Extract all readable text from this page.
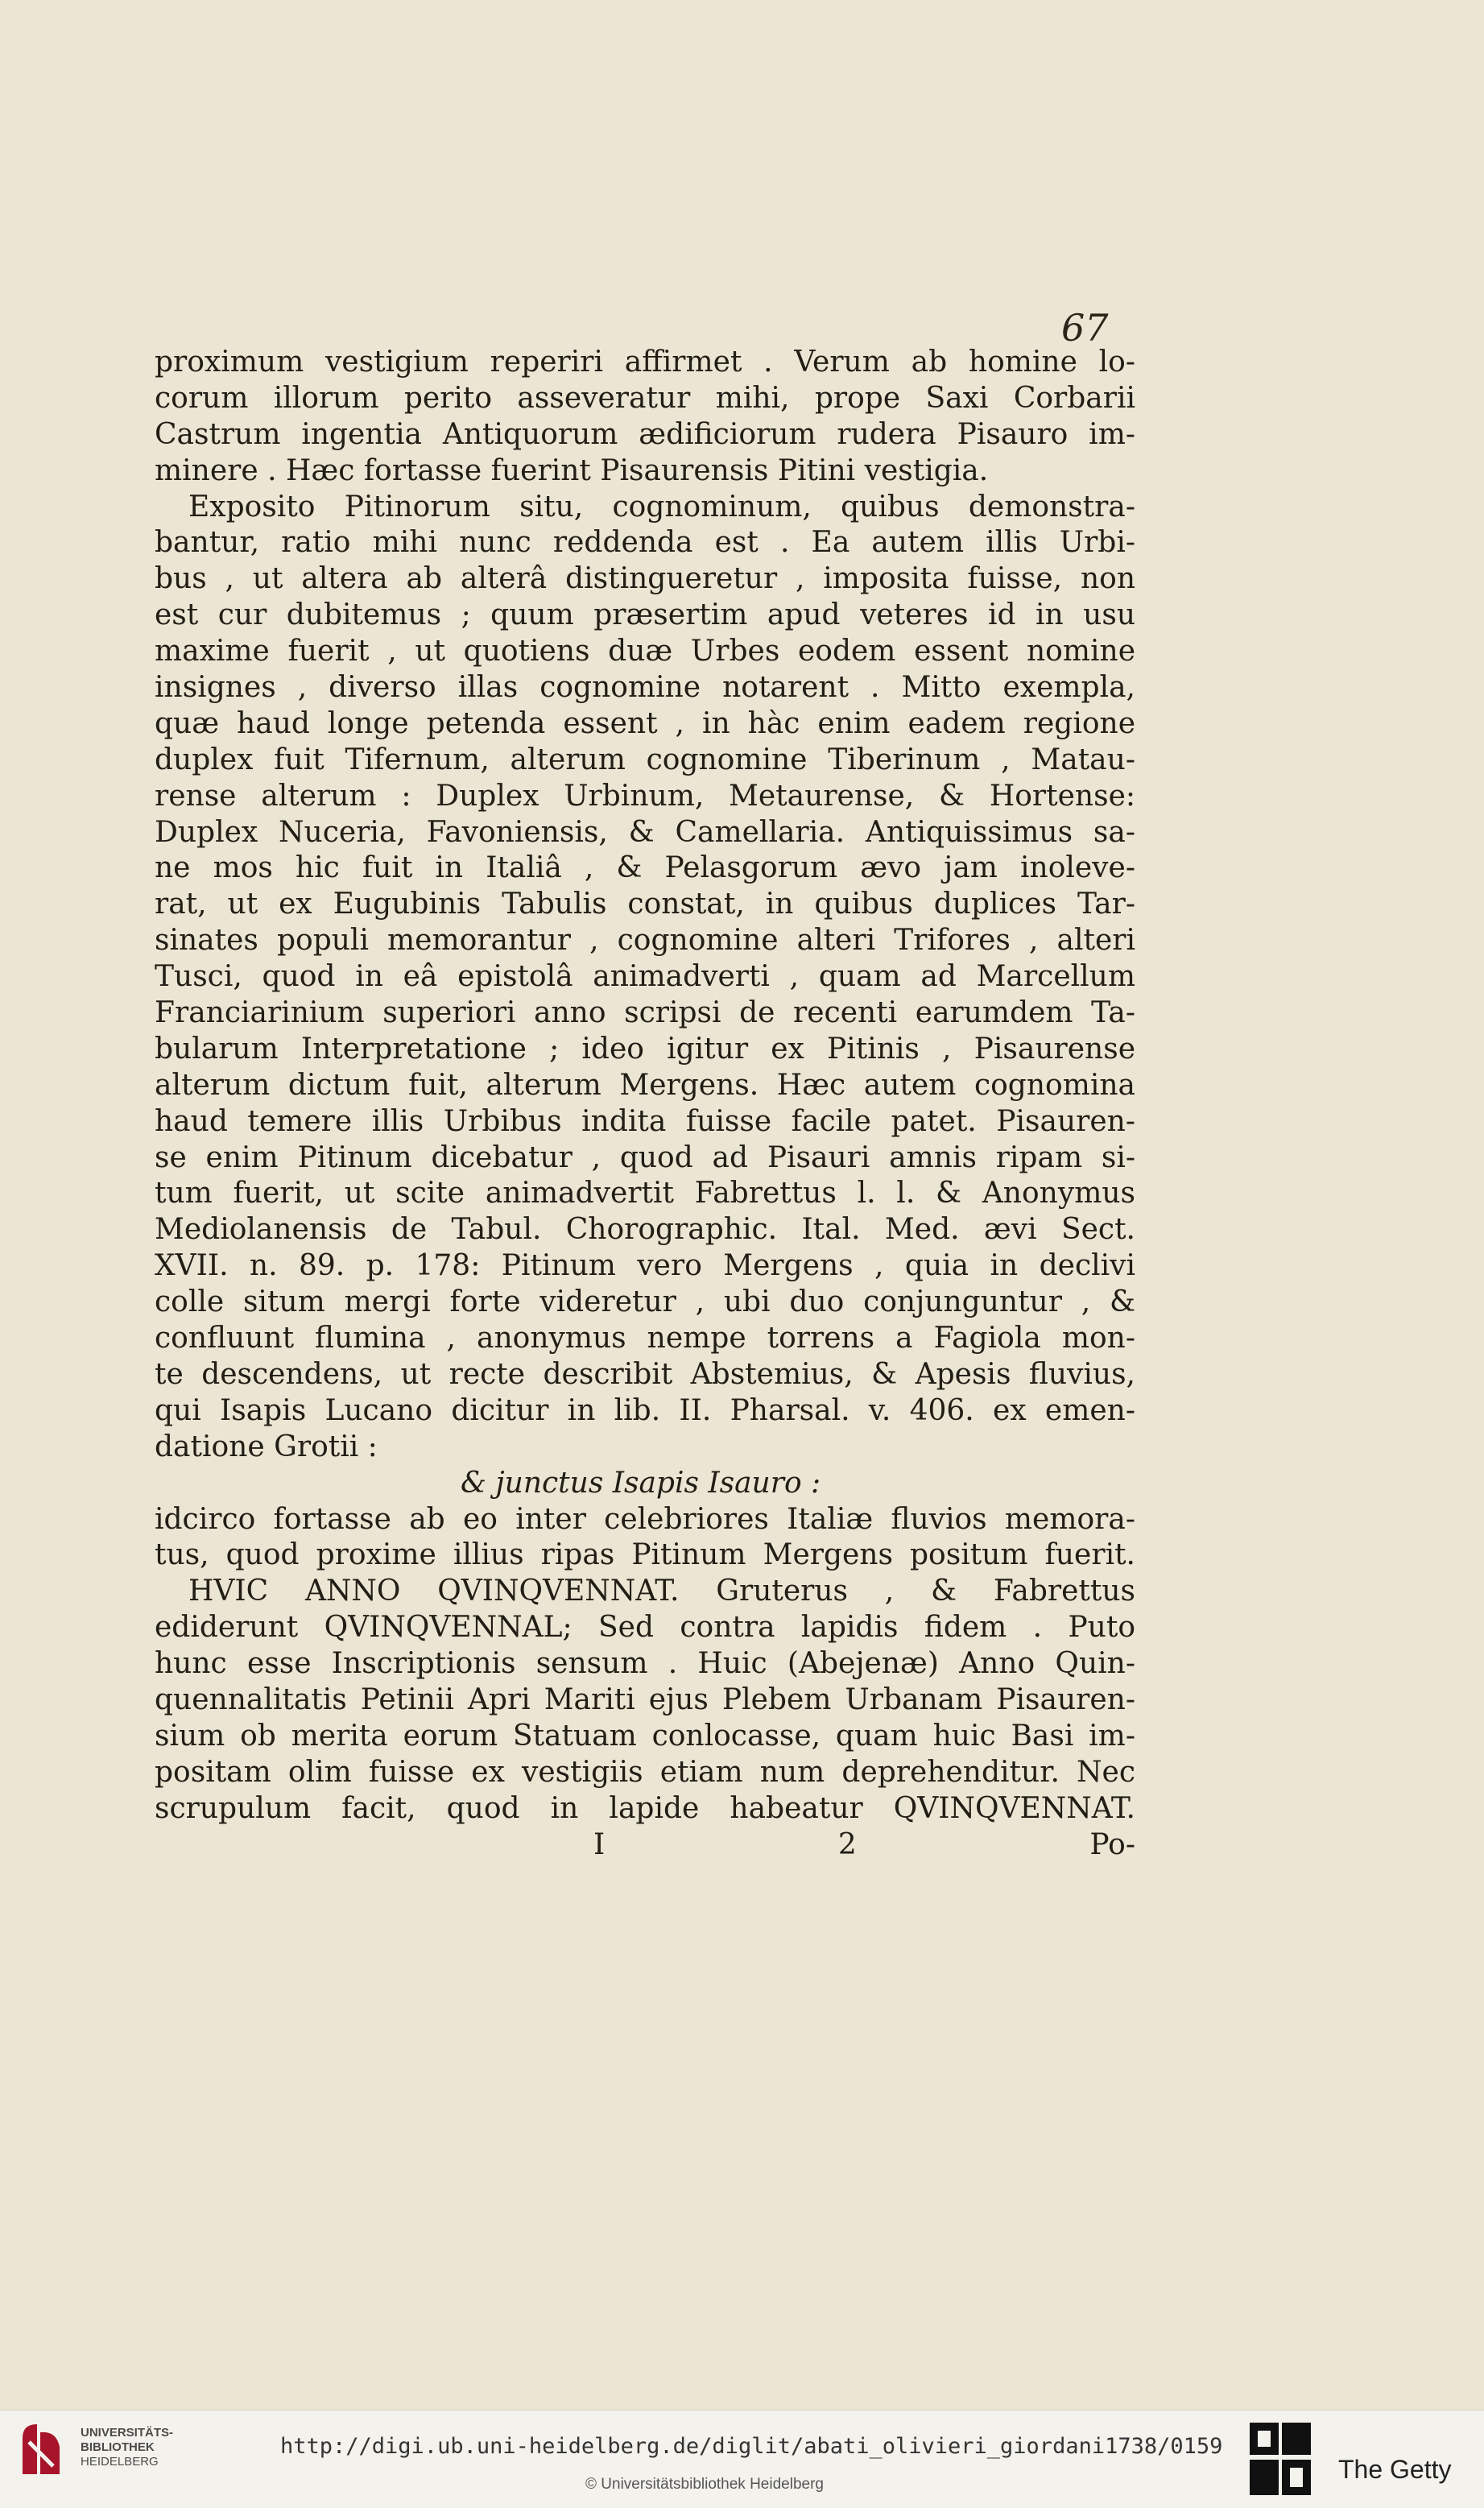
67
proximum vestigium reperiri affirmet . Verum ab homine lo-
corum illorum perito asseveratur mihi, prope Saxi Corbarii
Castrum ingentia Antiquorum ædificiorum rudera Pisauro im-
minere . Hæc fortasse fuerint Pisaurensis Pitini vestigia.
Exposito Pitinorum situ, cognominum, quibus demonstra-
bantur, ratio mihi nunc reddenda est . Ea autem illis Urbi-
bus , ut altera ab alterâ distingueretur , imposita fuisse, non
est cur dubitemus ; quum præsertim apud veteres id in usu
maxime fuerit , ut quotiens duæ Urbes eodem essent nomine
insignes , diverso illas cognomine notarent . Mitto exempla,
quæ haud longe petenda essent , in hàc enim eadem regione
duplex fuit Tifernum, alterum cognomine Tiberinum , Matau-
rense alterum : Duplex Urbinum, Metaurense, & Hortense:
Duplex Nuceria, Favoniensis, & Camellaria. Antiquissimus sa-
ne mos hic fuit in Italiâ , & Pelasgorum ævo jam inoleve-
rat, ut ex Eugubinis Tabulis constat, in quibus duplices Tar-
sinates populi memorantur , cognomine alteri Trifores , alteri
Tusci, quod in eâ epistolâ animadverti , quam ad Marcellum
Franciarinium superiori anno scripsi de recenti earumdem Ta-
bularum Interpretatione ; ideo igitur ex Pitinis , Pisaurense
alterum dictum fuit, alterum Mergens. Hæc autem cognomina
haud temere illis Urbibus indita fuisse facile patet. Pisauren-
se enim Pitinum dicebatur , quod ad Pisauri amnis ripam si-
tum fuerit, ut scite animadvertit Fabrettus l. l. & Anonymus
Mediolanensis de Tabul. Chorographic. Ital. Med. ævi Sect.
XVII. n. 89. p. 178: Pitinum vero Mergens , quia in declivi
colle situm mergi forte videretur , ubi duo conjunguntur , &
confluunt flumina , anonymus nempe torrens a Fagiola mon-
te descendens, ut recte describit Abstemius, & Apesis fluvius,
qui Isapis Lucano dicitur in lib. II. Pharsal. v. 406. ex emen-
datione Grotii :
& junctus Isapis Isauro :
idcirco fortasse ab eo inter celebriores Italiæ fluvios memora-
tus, quod proxime illius ripas Pitinum Mergens positum fuerit.
HVIC ANNO QVINQVENNAT. Gruterus , & Fabrettus
ediderunt QVINQVENNAL; Sed contra lapidis fidem . Puto
hunc esse Inscriptionis sensum . Huic (Abejenæ) Anno Quin-
quennalitatis Petinii Apri Mariti ejus Plebem Urbanam Pisauren-
sium ob merita eorum Statuam conlocasse, quam huic Basi im-
positam olim fuisse ex vestigiis etiam num deprehenditur. Nec
scrupulum facit, quod in lapide habeatur QVINQVENNAT.
I 2 Po-
UNIVERSITÄTS-
BIBLIOTHEK
HEIDELBERG
http://digi.ub.uni-heidelberg.de/diglit/abati_olivieri_giordani1738/0159
© Universitätsbibliothek Heidelberg
The Getty
